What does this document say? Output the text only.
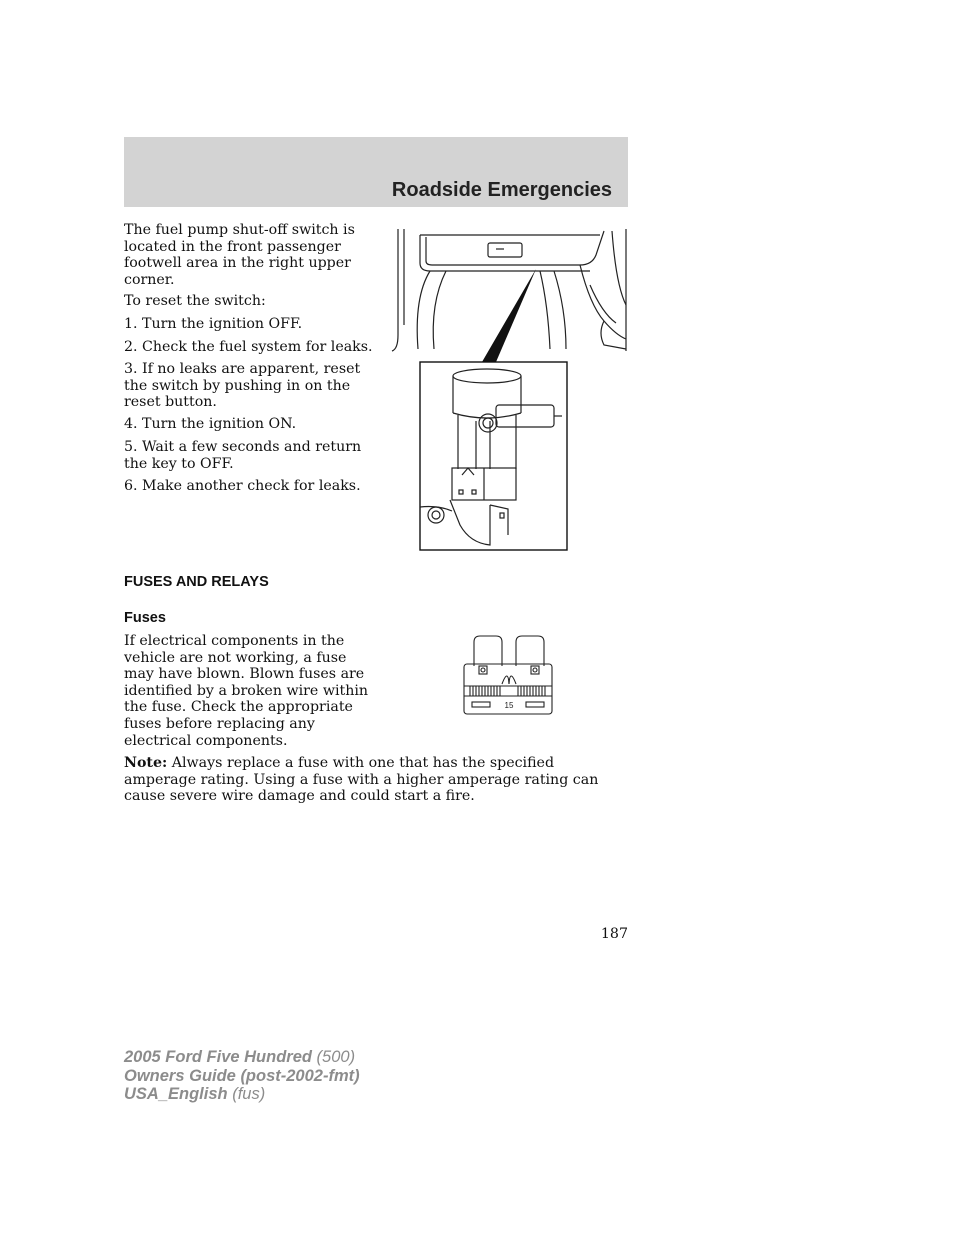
Roadside Emergencies
The fuel pump shut-off switch is located in the front passenger footwell area in the right upper corner.
To reset the switch:
1. Turn the ignition OFF.
2. Check the fuel system for leaks.
3. If no leaks are apparent, reset the switch by pushing in on the reset button.
4. Turn the ignition ON.
5. Wait a few seconds and return the key to OFF.
6. Make another check for leaks.
FUSES AND RELAYS
Fuses
If electrical components in the vehicle are not working, a fuse may have blown. Blown fuses are identified by a broken wire within the fuse. Check the appropriate fuses before replacing any electrical components.
15
Note: Always replace a fuse with one that has the specified amperage rating. Using a fuse with a higher amperage rating can cause severe wire damage and could start a fire.
187
2005 Ford Five Hundred (500)
Owners Guide (post-2002-fmt)
USA_English (fus)
